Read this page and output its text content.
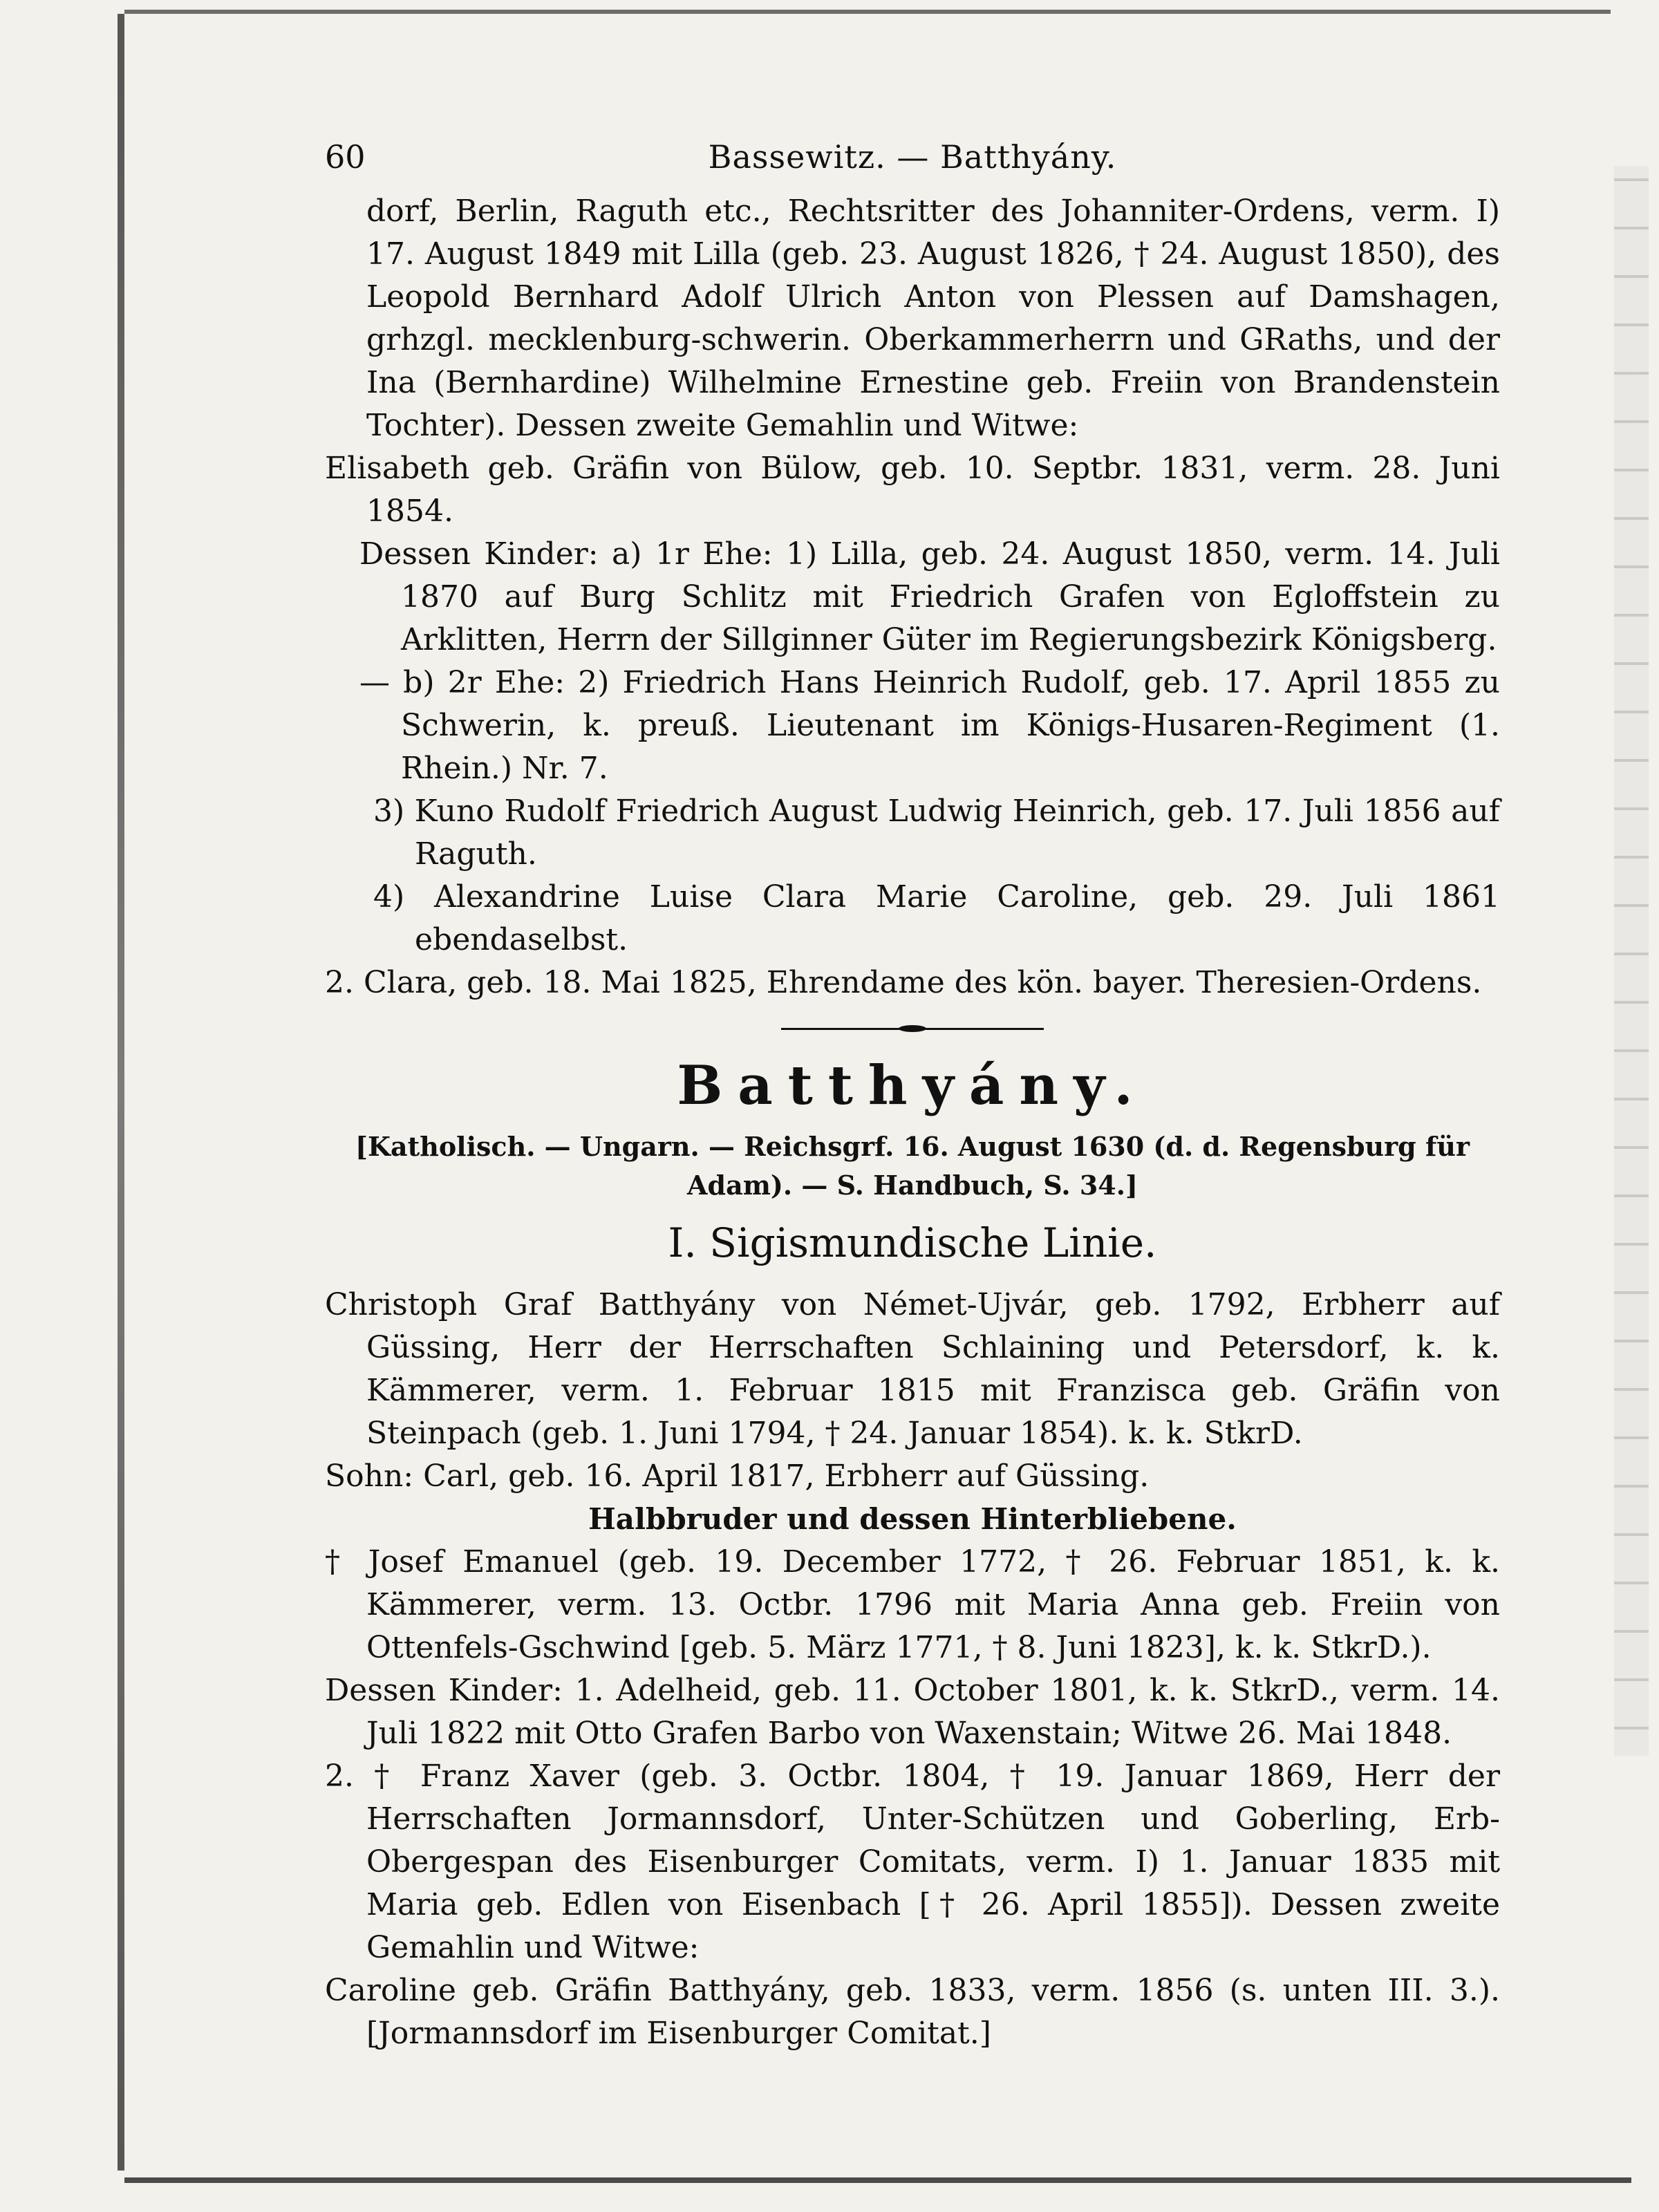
60	Bassewitz. — Batthyány.

dorf, Berlin, Raguth etc., Rechtsritter des Johanniter-Ordens, verm. I) 17. August 1849 mit Lilla (geb. 23. August 1826, † 24. August 1850), des Leopold Bernhard Adolf Ulrich Anton von Plessen auf Damshagen, grhzgl. mecklenburg-schwerin. Oberkammerherrn und GRaths, und der Ina (Bernhardine) Wilhelmine Ernestine geb. Freiin von Brandenstein Tochter). Dessen zweite Gemahlin und Witwe:

Elisabeth geb. Gräfin von Bülow, geb. 10. Septbr. 1831, verm. 28. Juni 1854.

Dessen Kinder: a) 1r Ehe: 1) Lilla, geb. 24. August 1850, verm. 14. Juli 1870 auf Burg Schlitz mit Friedrich Grafen von Egloffstein zu Arklitten, Herrn der Sillginner Güter im Regierungsbezirk Königsberg.

— b) 2r Ehe: 2) Friedrich Hans Heinrich Rudolf, geb. 17. April 1855 zu Schwerin, k. preuß. Lieutenant im Königs-Husaren-Regiment (1. Rhein.) Nr. 7.

3) Kuno Rudolf Friedrich August Ludwig Heinrich, geb. 17. Juli 1856 auf Raguth.

4) Alexandrine Luise Clara Marie Caroline, geb. 29. Juli 1861 ebendaselbst.

2. Clara, geb. 18. Mai 1825, Ehrendame des kön. bayer. Theresien-Ordens.

Batthyány.
[Katholisch. — Ungarn. — Reichsgrf. 16. August 1630 (d. d. Regensburg für Adam). — S. Handbuch, S. 34.]
I. Sigismundische Linie.

Christoph Graf Batthyány von Német-Ujvár, geb. 1792, Erbherr auf Güssing, Herr der Herrschaften Schlaining und Petersdorf, k. k. Kämmerer, verm. 1. Februar 1815 mit Franzisca geb. Gräfin von Steinpach (geb. 1. Juni 1794, † 24. Januar 1854). k. k. StkrD.

Sohn: Carl, geb. 16. April 1817, Erbherr auf Güssing.

Halbbruder und dessen Hinterbliebene.

† Josef Emanuel (geb. 19. December 1772, † 26. Februar 1851, k. k. Kämmerer, verm. 13. Octbr. 1796 mit Maria Anna geb. Freiin von Ottenfels-Gschwind [geb. 5. März 1771, † 8. Juni 1823], k. k. StkrD.).

Dessen Kinder: 1. Adelheid, geb. 11. October 1801, k. k. StkrD., verm. 14. Juli 1822 mit Otto Grafen Barbo von Waxenstain; Witwe 26. Mai 1848.

2. † Franz Xaver (geb. 3. Octbr. 1804, † 19. Januar 1869, Herr der Herrschaften Jormannsdorf, Unter-Schützen und Goberling, Erb-Obergespan des Eisenburger Comitats, verm. I) 1. Januar 1835 mit Maria geb. Edlen von Eisenbach [† 26. April 1855]). Dessen zweite Gemahlin und Witwe:

Caroline geb. Gräfin Batthyány, geb. 1833, verm. 1856 (s. unten III. 3.). [Jormannsdorf im Eisenburger Comitat.]
